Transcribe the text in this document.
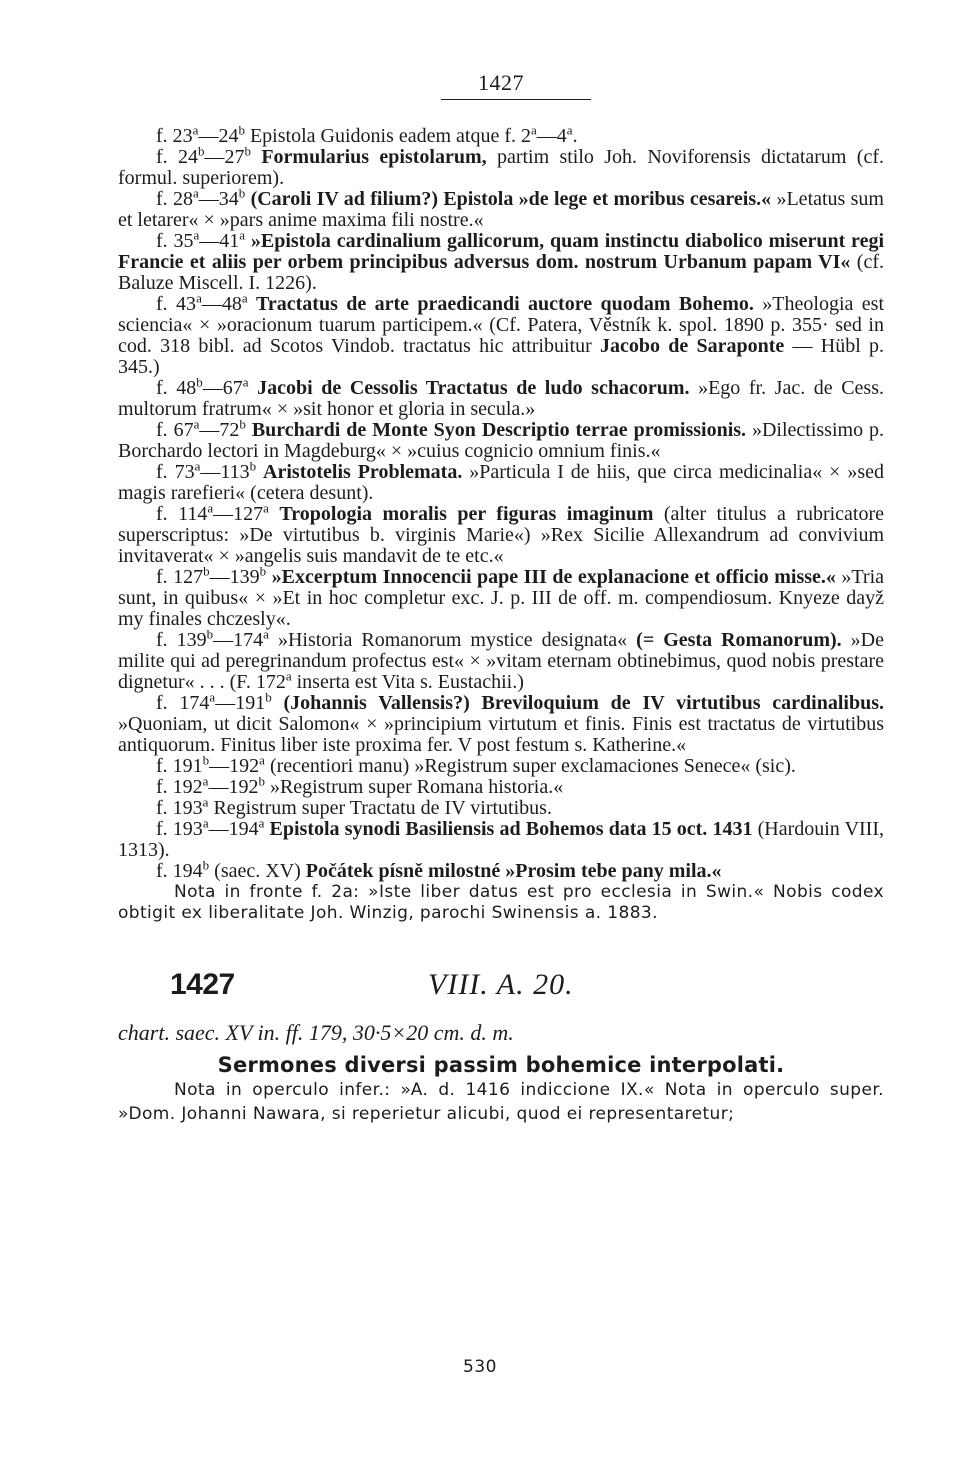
1427

f. 23$^a$—24$^b$ Epistola Guidonis eadem atque f. 2$^a$—4$^a$.

f. 24$^b$—27$^b$ Formularius epistolarum, partim stilo Joh. Noviforensis dictatarum (cf. formul. superiorem).

f. 28$^a$—34$^b$ (Caroli IV ad filium?) Epistola »de lege et moribus cesareis.« »Letatus sum et letarer« × »pars anime maxima fili nostre.«

f. 35$^a$—41$^a$ »Epistola cardinalium gallicorum, quam instinctu diabolico miserunt regi Francie et aliis per orbem principibus adversus dom. nostrum Urbanum papam VI« (cf. Baluze Miscell. I. 1226).

f. 43$^a$—48$^a$ Tractatus de arte praedicandi auctore quodam Bohemo. »Theologia est sciencia« × »oracionum tuarum participem.« (Cf. Patera, Věstník k. spol. 1890 p. 355· sed in cod. 318 bibl. ad Scotos Vindob. tractatus hic attribuitur Jacobo de Saraponte — Hübl p. 345.)

f. 48$^b$—67$^a$ Jacobi de Cessolis Tractatus de ludo schacorum. »Ego fr. Jac. de Cess. multorum fratrum« × »sit honor et gloria in secula.»

f. 67$^a$—72$^b$ Burchardi de Monte Syon Descriptio terrae promissionis. »Dilectissimo p. Borchardo lectori in Magdeburg« × »cuius cognicio omnium finis.«

f. 73$^a$—113$^b$ Aristotelis Problemata. »Particula I de hiis, que circa medicinalia« × »sed magis rarefieri« (cetera desunt).

f. 114$^a$—127$^a$ Tropologia moralis per figuras imaginum (alter titulus a rubricatore superscriptus: »De virtutibus b. virginis Marie«) »Rex Sicilie Allexandrum ad convivium invitaverat« × »angelis suis mandavit de te etc.«

f. 127$^b$—139$^b$ »Excerptum Innocencii pape III de explanacione et officio misse.« »Tria sunt, in quibus« × »Et in hoc completur exc. J. p. III de off. m. compendiosum. Knyeze dayž my finales chczesly«.

f. 139$^b$—174$^a$ »Historia Romanorum mystice designata« (= Gesta Romanorum). »De milite qui ad peregrinandum profectus est« × »vitam eternam obtinebimus, quod nobis prestare dignetur« . . . (F. 172$^a$ inserta est Vita s. Eustachii.)

f. 174$^a$—191$^b$ (Johannis Vallensis?) Breviloquium de IV virtutibus cardinalibus. »Quoniam, ut dicit Salomon« × »principium virtutum et finis. Finis est tractatus de virtutibus antiquorum. Finitus liber iste proxima fer. V post festum s. Katherine.«

f. 191$^b$—192$^a$ (recentiori manu) »Registrum super exclamaciones Senece« (sic).

f. 192$^a$—192$^b$ »Registrum super Romana historia.«

f. 193$^a$ Registrum super Tractatu de IV virtutibus.

f. 193$^a$—194$^a$ Epistola synodi Basiliensis ad Bohemos data 15 oct. 1431 (Hardouin VIII, 1313).

f. 194$^b$ (saec. XV) Počátek písně milostné »Prosim tebe pany mila.«

Nota in fronte f. 2a: »Iste liber datus est pro ecclesia in Swin.« Nobis codex obtigit ex liberalitate Joh. Winzig, parochi Swinensis a. 1883.

1427	VIII. A. 20.
chart. saec. XV in. ff. 179, 30·5×20 cm. d. m.
Sermones diversi passim bohemice interpolati.

Nota in operculo infer.: »A. d. 1416 indiccione IX.« Nota in operculo super. »Dom. Johanni Nawara, si reperietur alicubi, quod ei representaretur;

530
